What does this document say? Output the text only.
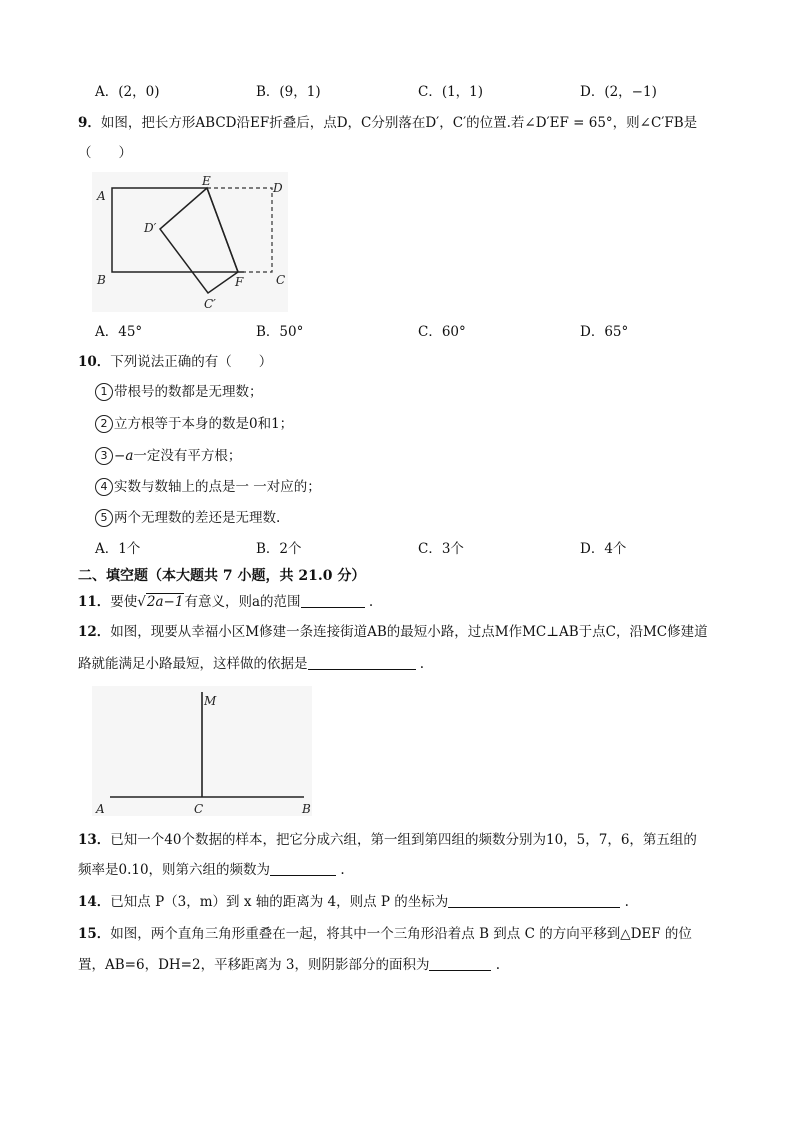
A．(2，0)	B．(9，1)	C．(1，1)	D．(2，−1)
9．如图，把长方形ABCD沿EF折叠后，点D，C分别落在D′，C′的位置.若∠D′EF = 65°，则∠C′FB是
（　　）
A
B
E	D
C
F
D′
C′
A．45°	B．50°	C．60°	D．65°
10．下列说法正确的有（　　）
1 带根号的数都是无理数；
2 立方根等于本身的数是0和1；
3 −a一定没有平方根；
4 实数与数轴上的点是一 一对应的；
5 两个无理数的差还是无理数.
A．1个	B．2个	C．3个	D．4个
二、填空题（本大题共 7 小题，共 21.0 分）
11．要使√2a−1有意义，则a的范围	.
12．如图，现要从幸福小区M修建一条连接街道AB的最短小路，过点M作MC⊥AB于点C，沿MC修建道
路就能满足小路最短，这样做的依据是	.
M
A	C	B
13．已知一个40个数据的样本，把它分成六组，第一组到第四组的频数分别为10，5，7，6，第五组的
频率是0.10，则第六组的频数为	.
14．已知点 P（3，m）到 x 轴的距离为 4，则点 P 的坐标为	.
15．如图，两个直角三角形重叠在一起，将其中一个三角形沿着点 B 到点 C 的方向平移到△DEF 的位
置，AB=6，DH=2，平移距离为 3，则阴影部分的面积为	.
